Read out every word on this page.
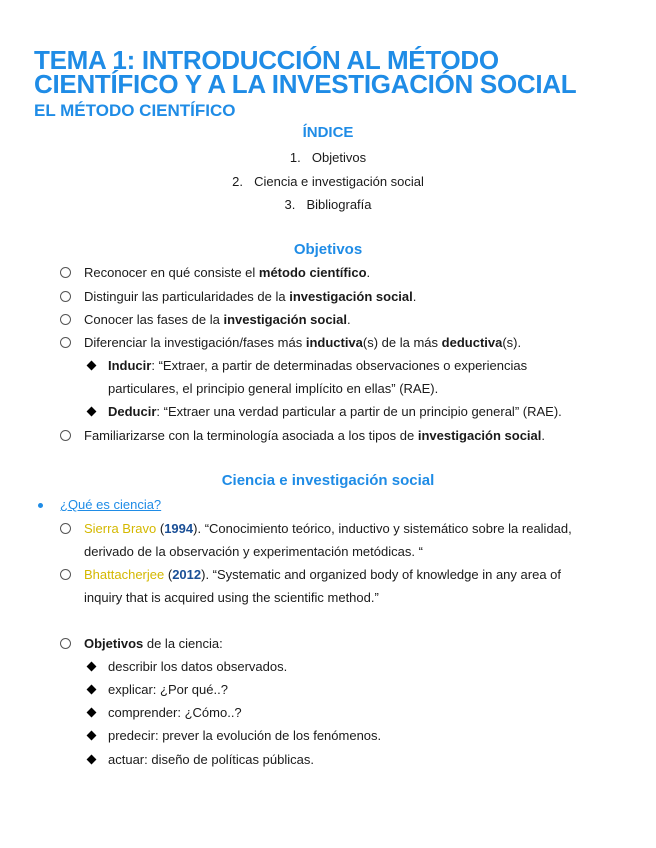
TEMA 1: INTRODUCCIÓN AL MÉTODO CIENTÍFICO Y A LA INVESTIGACIÓN SOCIAL
EL MÉTODO CIENTÍFICO
ÍNDICE
1. Objetivos
2. Ciencia e investigación social
3. Bibliografía
Objetivos
Reconocer en qué consiste el método científico.
Distinguir las particularidades de la investigación social.
Conocer las fases de la investigación social.
Diferenciar la investigación/fases más inductiva(s) de la más deductiva(s).
Inducir: “Extraer, a partir de determinadas observaciones o experiencias
particulares, el principio general implícito en ellas” (RAE).
Deducir: “Extraer una verdad particular a partir de un principio general” (RAE).
Familiarizarse con la terminología asociada a los tipos de investigación social.
Ciencia e investigación social
¿Qué es ciencia?
Sierra Bravo (1994). “Conocimiento teórico, inductivo y sistemático sobre la realidad,
derivado de la observación y experimentación metódicas. “
Bhattacherjee (2012). “Systematic and organized body of knowledge in any area of
inquiry that is acquired using the scientific method.”
Objetivos de la ciencia:
describir los datos observados.
explicar: ¿Por qué..?
comprender: ¿Cómo..?
predecir: prever la evolución de los fenómenos.
actuar: diseño de políticas públicas.
